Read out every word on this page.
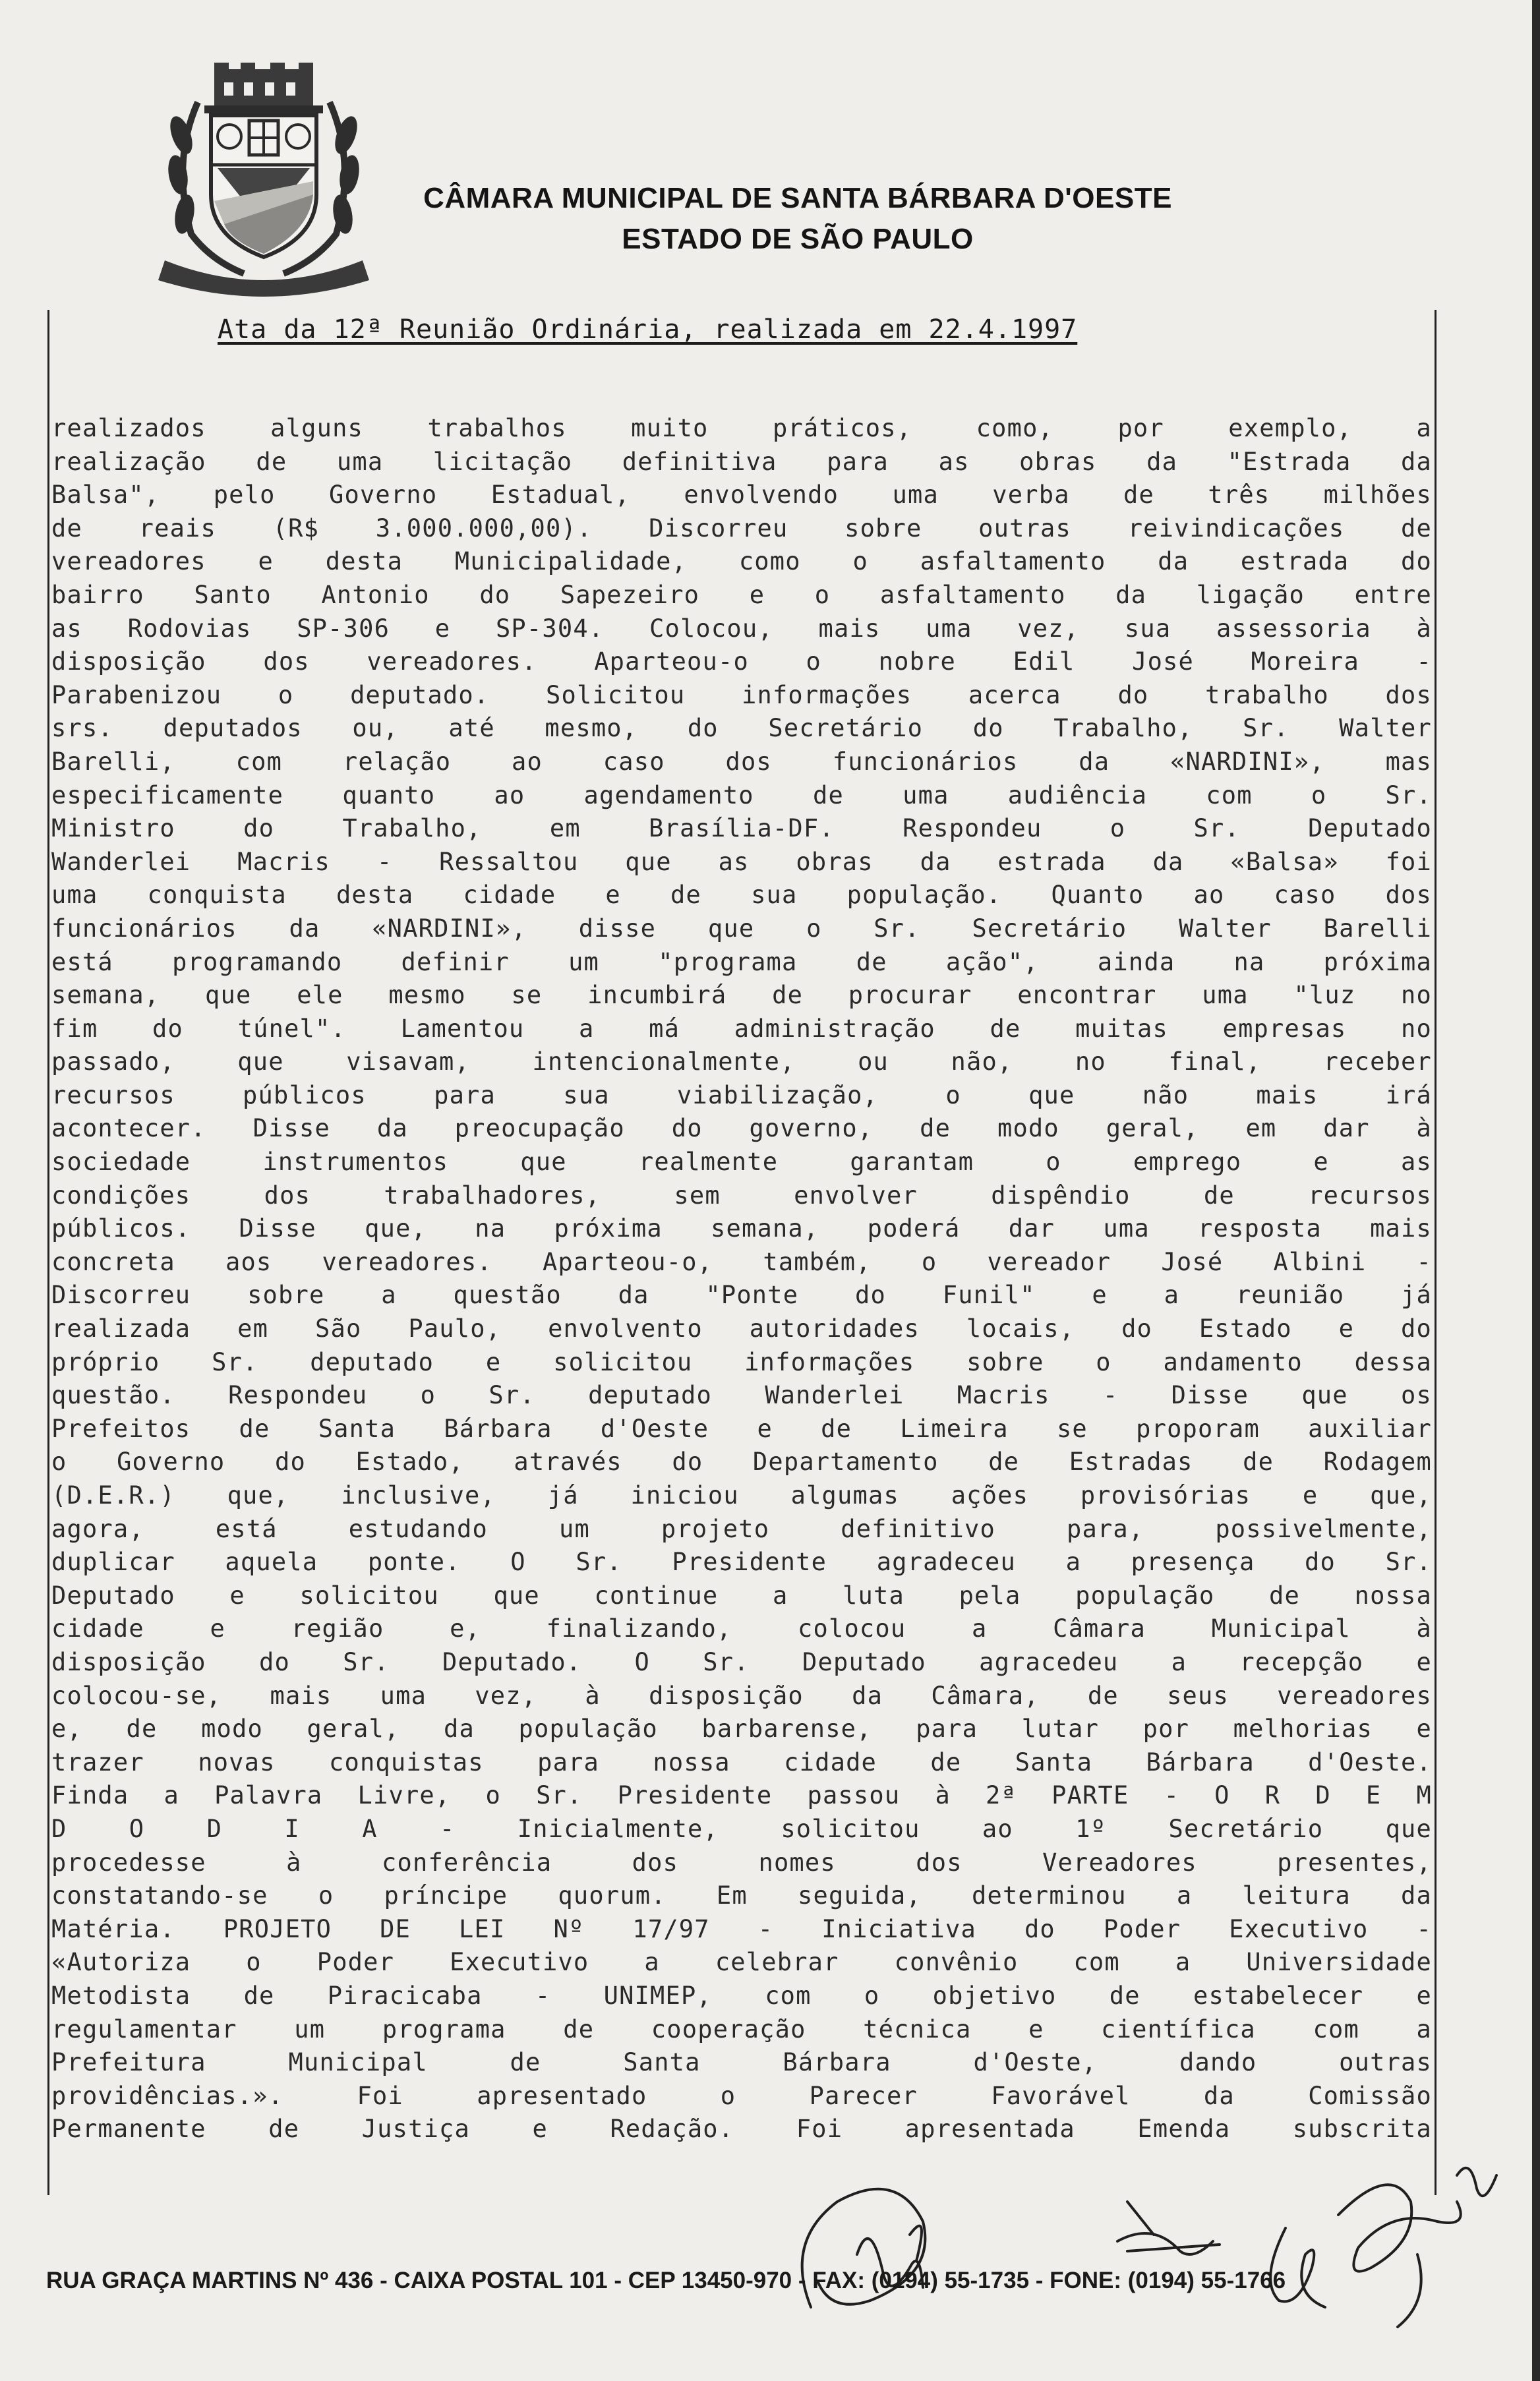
CÂMARA MUNICIPAL DE SANTA BÁRBARA D'OESTE
ESTADO DE SÃO PAULO
Ata da 12ª Reunião Ordinária, realizada em 22.4.1997
realizados alguns trabalhos muito práticos, como, por exemplo, a
realização de uma licitação definitiva para as obras da "Estrada da
Balsa", pelo Governo Estadual, envolvendo uma verba de três milhões
de reais (R$ 3.000.000,00). Discorreu sobre outras reivindicações de
vereadores e desta Municipalidade, como o asfaltamento da estrada do
bairro Santo Antonio do Sapezeiro e o asfaltamento da ligação entre
as Rodovias SP-306 e SP-304. Colocou, mais uma vez, sua assessoria à
disposição dos vereadores. Aparteou-o o nobre Edil José Moreira -
Parabenizou o deputado. Solicitou informações acerca do trabalho dos
srs. deputados ou, até mesmo, do Secretário do Trabalho, Sr. Walter
Barelli, com relação ao caso dos funcionários da «NARDINI», mas
especificamente quanto ao agendamento de uma audiência com o Sr.
Ministro do Trabalho, em Brasília-DF. Respondeu o Sr. Deputado
Wanderlei Macris - Ressaltou que as obras da estrada da «Balsa» foi
uma conquista desta cidade e de sua população. Quanto ao caso dos
funcionários da «NARDINI», disse que o Sr. Secretário Walter Barelli
está programando definir um "programa de ação", ainda na próxima
semana, que ele mesmo se incumbirá de procurar encontrar uma "luz no
fim do túnel". Lamentou a má administração de muitas empresas no
passado, que visavam, intencionalmente, ou não, no final, receber
recursos públicos para sua viabilização, o que não mais irá
acontecer. Disse da preocupação do governo, de modo geral, em dar à
sociedade instrumentos que realmente garantam o emprego e as
condições dos trabalhadores, sem envolver dispêndio de recursos
públicos. Disse que, na próxima semana, poderá dar uma resposta mais
concreta aos vereadores. Aparteou-o, também, o vereador José Albini -
Discorreu sobre a questão da "Ponte do Funil" e a reunião já
realizada em São Paulo, envolvento autoridades locais, do Estado e do
próprio Sr. deputado e solicitou informações sobre o andamento dessa
questão. Respondeu o Sr. deputado Wanderlei Macris - Disse que os
Prefeitos de Santa Bárbara d'Oeste e de Limeira se proporam auxiliar
o Governo do Estado, através do Departamento de Estradas de Rodagem
(D.E.R.) que, inclusive, já iniciou algumas ações provisórias e que,
agora, está estudando um projeto definitivo para, possivelmente,
duplicar aquela ponte. O Sr. Presidente agradeceu a presença do Sr.
Deputado e solicitou que continue a luta pela população de nossa
cidade e região e, finalizando, colocou a Câmara Municipal à
disposição do Sr. Deputado. O Sr. Deputado agracedeu a recepção e
colocou-se, mais uma vez, à disposição da Câmara, de seus vereadores
e, de modo geral, da população barbarense, para lutar por melhorias e
trazer novas conquistas para nossa cidade de Santa Bárbara d'Oeste.
Finda a Palavra Livre, o Sr. Presidente passou à 2ª PARTE - O R D E M
D O D I A - Inicialmente, solicitou ao 1º Secretário que
procedesse à conferência dos nomes dos Vereadores presentes,
constatando-se o príncipe quorum. Em seguida, determinou a leitura da
Matéria. PROJETO DE LEI Nº 17/97 - Iniciativa do Poder Executivo -
«Autoriza o Poder Executivo a celebrar convênio com a Universidade
Metodista de Piracicaba - UNIMEP, com o objetivo de estabelecer e
regulamentar um programa de cooperação técnica e científica com a
Prefeitura Municipal de Santa Bárbara d'Oeste, dando outras
providências.». Foi apresentado o Parecer Favorável da Comissão
Permanente de Justiça e Redação. Foi apresentada Emenda subscrita
RUA GRAÇA MARTINS Nº 436 - CAIXA POSTAL 101 - CEP 13450-970 - FAX: (0194) 55-1735 - FONE: (0194) 55-1766
